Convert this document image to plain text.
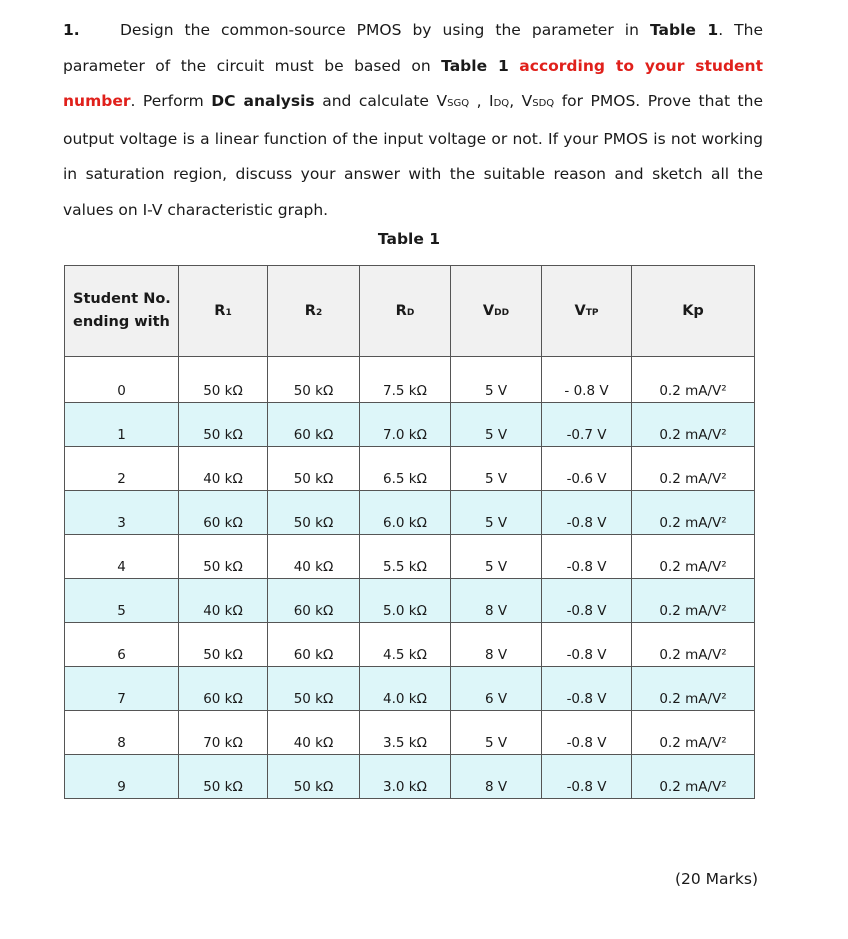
1.	Design the common-source PMOS by using the parameter in Table 1. The parameter of the circuit must be based on Table 1 according to your student number. Perform DC analysis and calculate VSGQ , IDQ, VSDQ for PMOS. Prove that the output voltage is a linear function of the input voltage or not. If your PMOS is not working in saturation region, discuss your answer with the suitable reason and sketch all the values on I-V characteristic graph.
Table 1
Student No.
ending with	R1	R2	RD	VDD	VTP	Kp
0	50 kΩ	50 kΩ	7.5 kΩ	5 V	- 0.8 V	0.2 mA/V²
1	50 kΩ	60 kΩ	7.0 kΩ	5 V	-0.7 V	0.2 mA/V²
2	40 kΩ	50 kΩ	6.5 kΩ	5 V	-0.6 V	0.2 mA/V²
3	60 kΩ	50 kΩ	6.0 kΩ	5 V	-0.8 V	0.2 mA/V²
4	50 kΩ	40 kΩ	5.5 kΩ	5 V	-0.8 V	0.2 mA/V²
5	40 kΩ	60 kΩ	5.0 kΩ	8 V	-0.8 V	0.2 mA/V²
6	50 kΩ	60 kΩ	4.5 kΩ	8 V	-0.8 V	0.2 mA/V²
7	60 kΩ	50 kΩ	4.0 kΩ	6 V	-0.8 V	0.2 mA/V²
8	70 kΩ	40 kΩ	3.5 kΩ	5 V	-0.8 V	0.2 mA/V²
9	50 kΩ	50 kΩ	3.0 kΩ	8 V	-0.8 V	0.2 mA/V²
(20 Marks)
